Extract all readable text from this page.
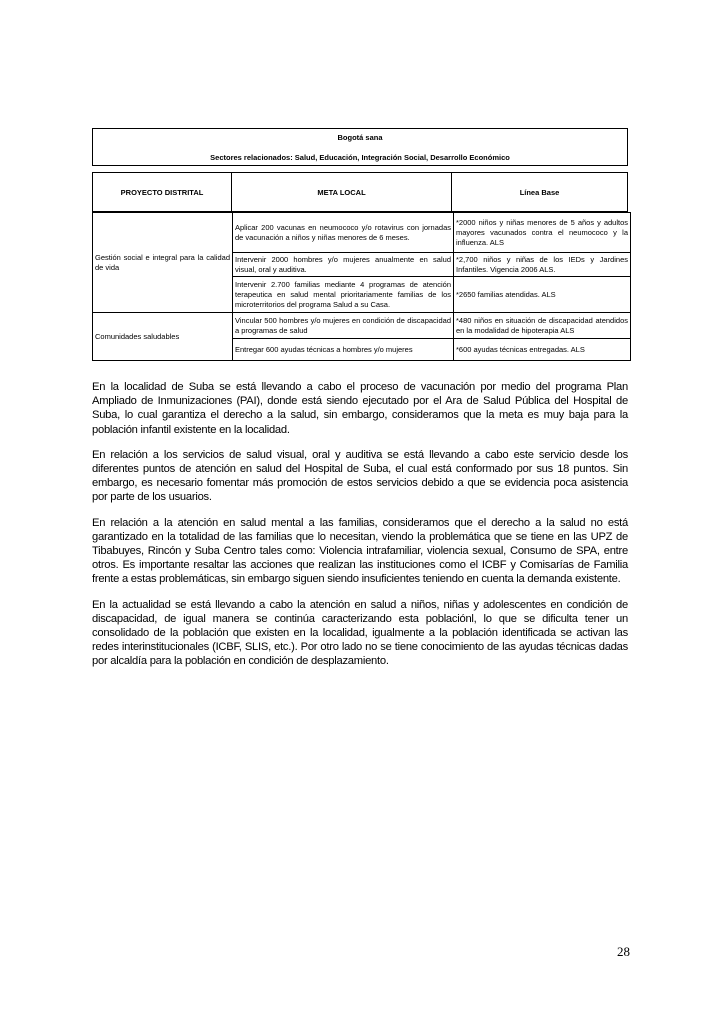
Bogotá sana
Sectores relacionados: Salud, Educación, Integración Social, Desarrollo Económico
PROYECTO DISTRITAL	META LOCAL	Línea Base
Gestión social e integral para la calidad de vida	Aplicar 200 vacunas en neumococo y/o rotavirus con jornadas de vacunación a niños y niñas menores de 6 meses.	*2000 niños y niñas menores de 5 años y adultos mayores vacunados contra el neumococo y la influenza. ALS
	Intervenir 2000 hombres y/o mujeres anualmente en salud visual, oral y auditiva.	*2,700 niños y niñas de los IEDs y Jardines Infantiles. Vigencia 2006 ALS.
	Intervenir 2.700 familias mediante 4 programas de atención terapeutica en salud mental prioritariamente familias de los microterritorios del programa Salud a su Casa.	*2650 familias atendidas. ALS
Comunidades saludables	Vincular 500 hombres y/o mujeres en condición de discapacidad a programas de salud	*480 niños en situación de discapacidad atendidos en la modalidad de hipoterapia ALS
	Entregar 600 ayudas técnicas a hombres y/o mujeres	*600 ayudas técnicas entregadas. ALS

En la localidad de Suba se está llevando a cabo el proceso de vacunación por medio del programa Plan Ampliado de Inmunizaciones (PAI), donde está siendo ejecutado por el Ara de Salud Pública del Hospital de Suba, lo cual garantiza el derecho a la salud, sin embargo, consideramos que la meta es muy baja para la población infantil existente en la localidad.

En relación a los servicios de salud visual, oral y auditiva se está llevando a cabo este servicio desde los diferentes puntos de atención en salud del Hospital de Suba, el cual está conformado por sus 18 puntos. Sin embargo, es necesario fomentar más promoción de estos servicios debido a que se evidencia poca asistencia por parte de los usuarios.

En relación a la atención en salud mental a las familias, consideramos que el derecho a la salud no está garantizado en la totalidad de las familias que lo necesitan, viendo la problemática que se tiene en las UPZ de Tibabuyes, Rincón y Suba Centro tales como: Violencia intrafamiliar, violencia sexual, Consumo de SPA, entre otros. Es importante resaltar las acciones que realizan las instituciones como el ICBF y Comisarías de Familia frente a estas problemáticas, sin embargo siguen siendo insuficientes teniendo en cuenta la demanda existente.

En la actualidad se está llevando a cabo la atención en salud a niños, niñas y adolescentes en condición de discapacidad, de igual manera se continúa caracterizando esta poblaciónl, lo que se dificulta tener un consolidado de la población que existen en la localidad, igualmente a la población identificada se activan las redes interinstitucionales (ICBF, SLIS, etc.). Por otro lado no se tiene conocimiento de las ayudas técnicas dadas por alcaldía para la población en condición de desplazamiento.

28
